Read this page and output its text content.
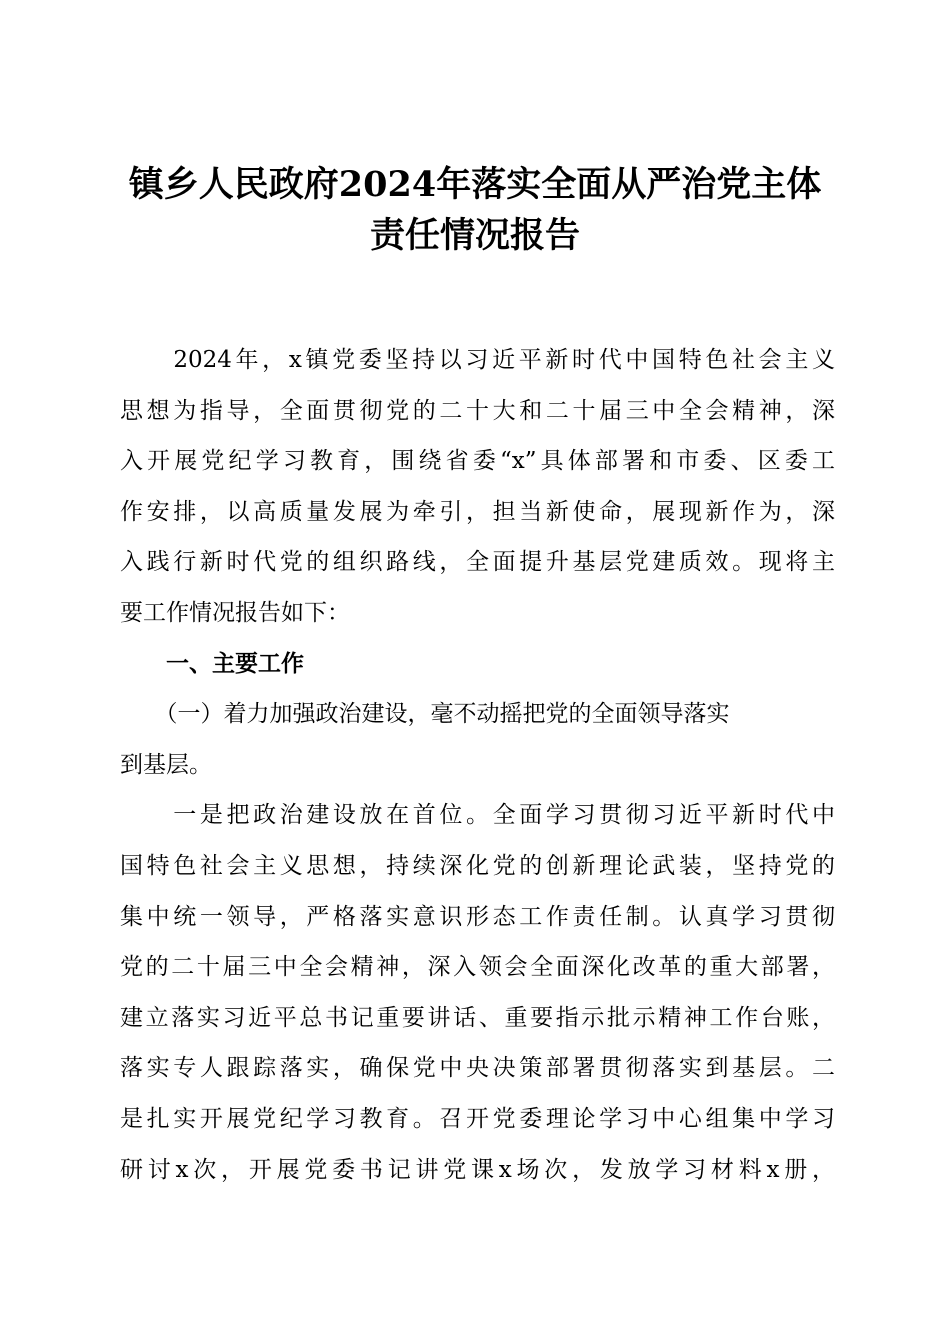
镇乡人民政府2024年落实全面从严治党主体
责任情况报告
　　2024年，x镇党委坚持以习近平新时代中国特色社会主义
思想为指导，全面贯彻党的二十大和二十届三中全会精神，深
入开展党纪学习教育，围绕省委“x”具体部署和市委、区委工
作安排，以高质量发展为牵引，担当新使命，展现新作为，深
入践行新时代党的组织路线，全面提升基层党建质效。现将主
要工作情况报告如下：
　　一、主要工作
　　（一）着力加强政治建设，毫不动摇把党的全面领导落实
到基层。
　　一是把政治建设放在首位。全面学习贯彻习近平新时代中
国特色社会主义思想，持续深化党的创新理论武装，坚持党的
集中统一领导，严格落实意识形态工作责任制。认真学习贯彻
党的二十届三中全会精神，深入领会全面深化改革的重大部署，
建立落实习近平总书记重要讲话、重要指示批示精神工作台账，
落实专人跟踪落实，确保党中央决策部署贯彻落实到基层。二
是扎实开展党纪学习教育。召开党委理论学习中心组集中学习
研讨x次，开展党委书记讲党课x场次，发放学习材料x册，
